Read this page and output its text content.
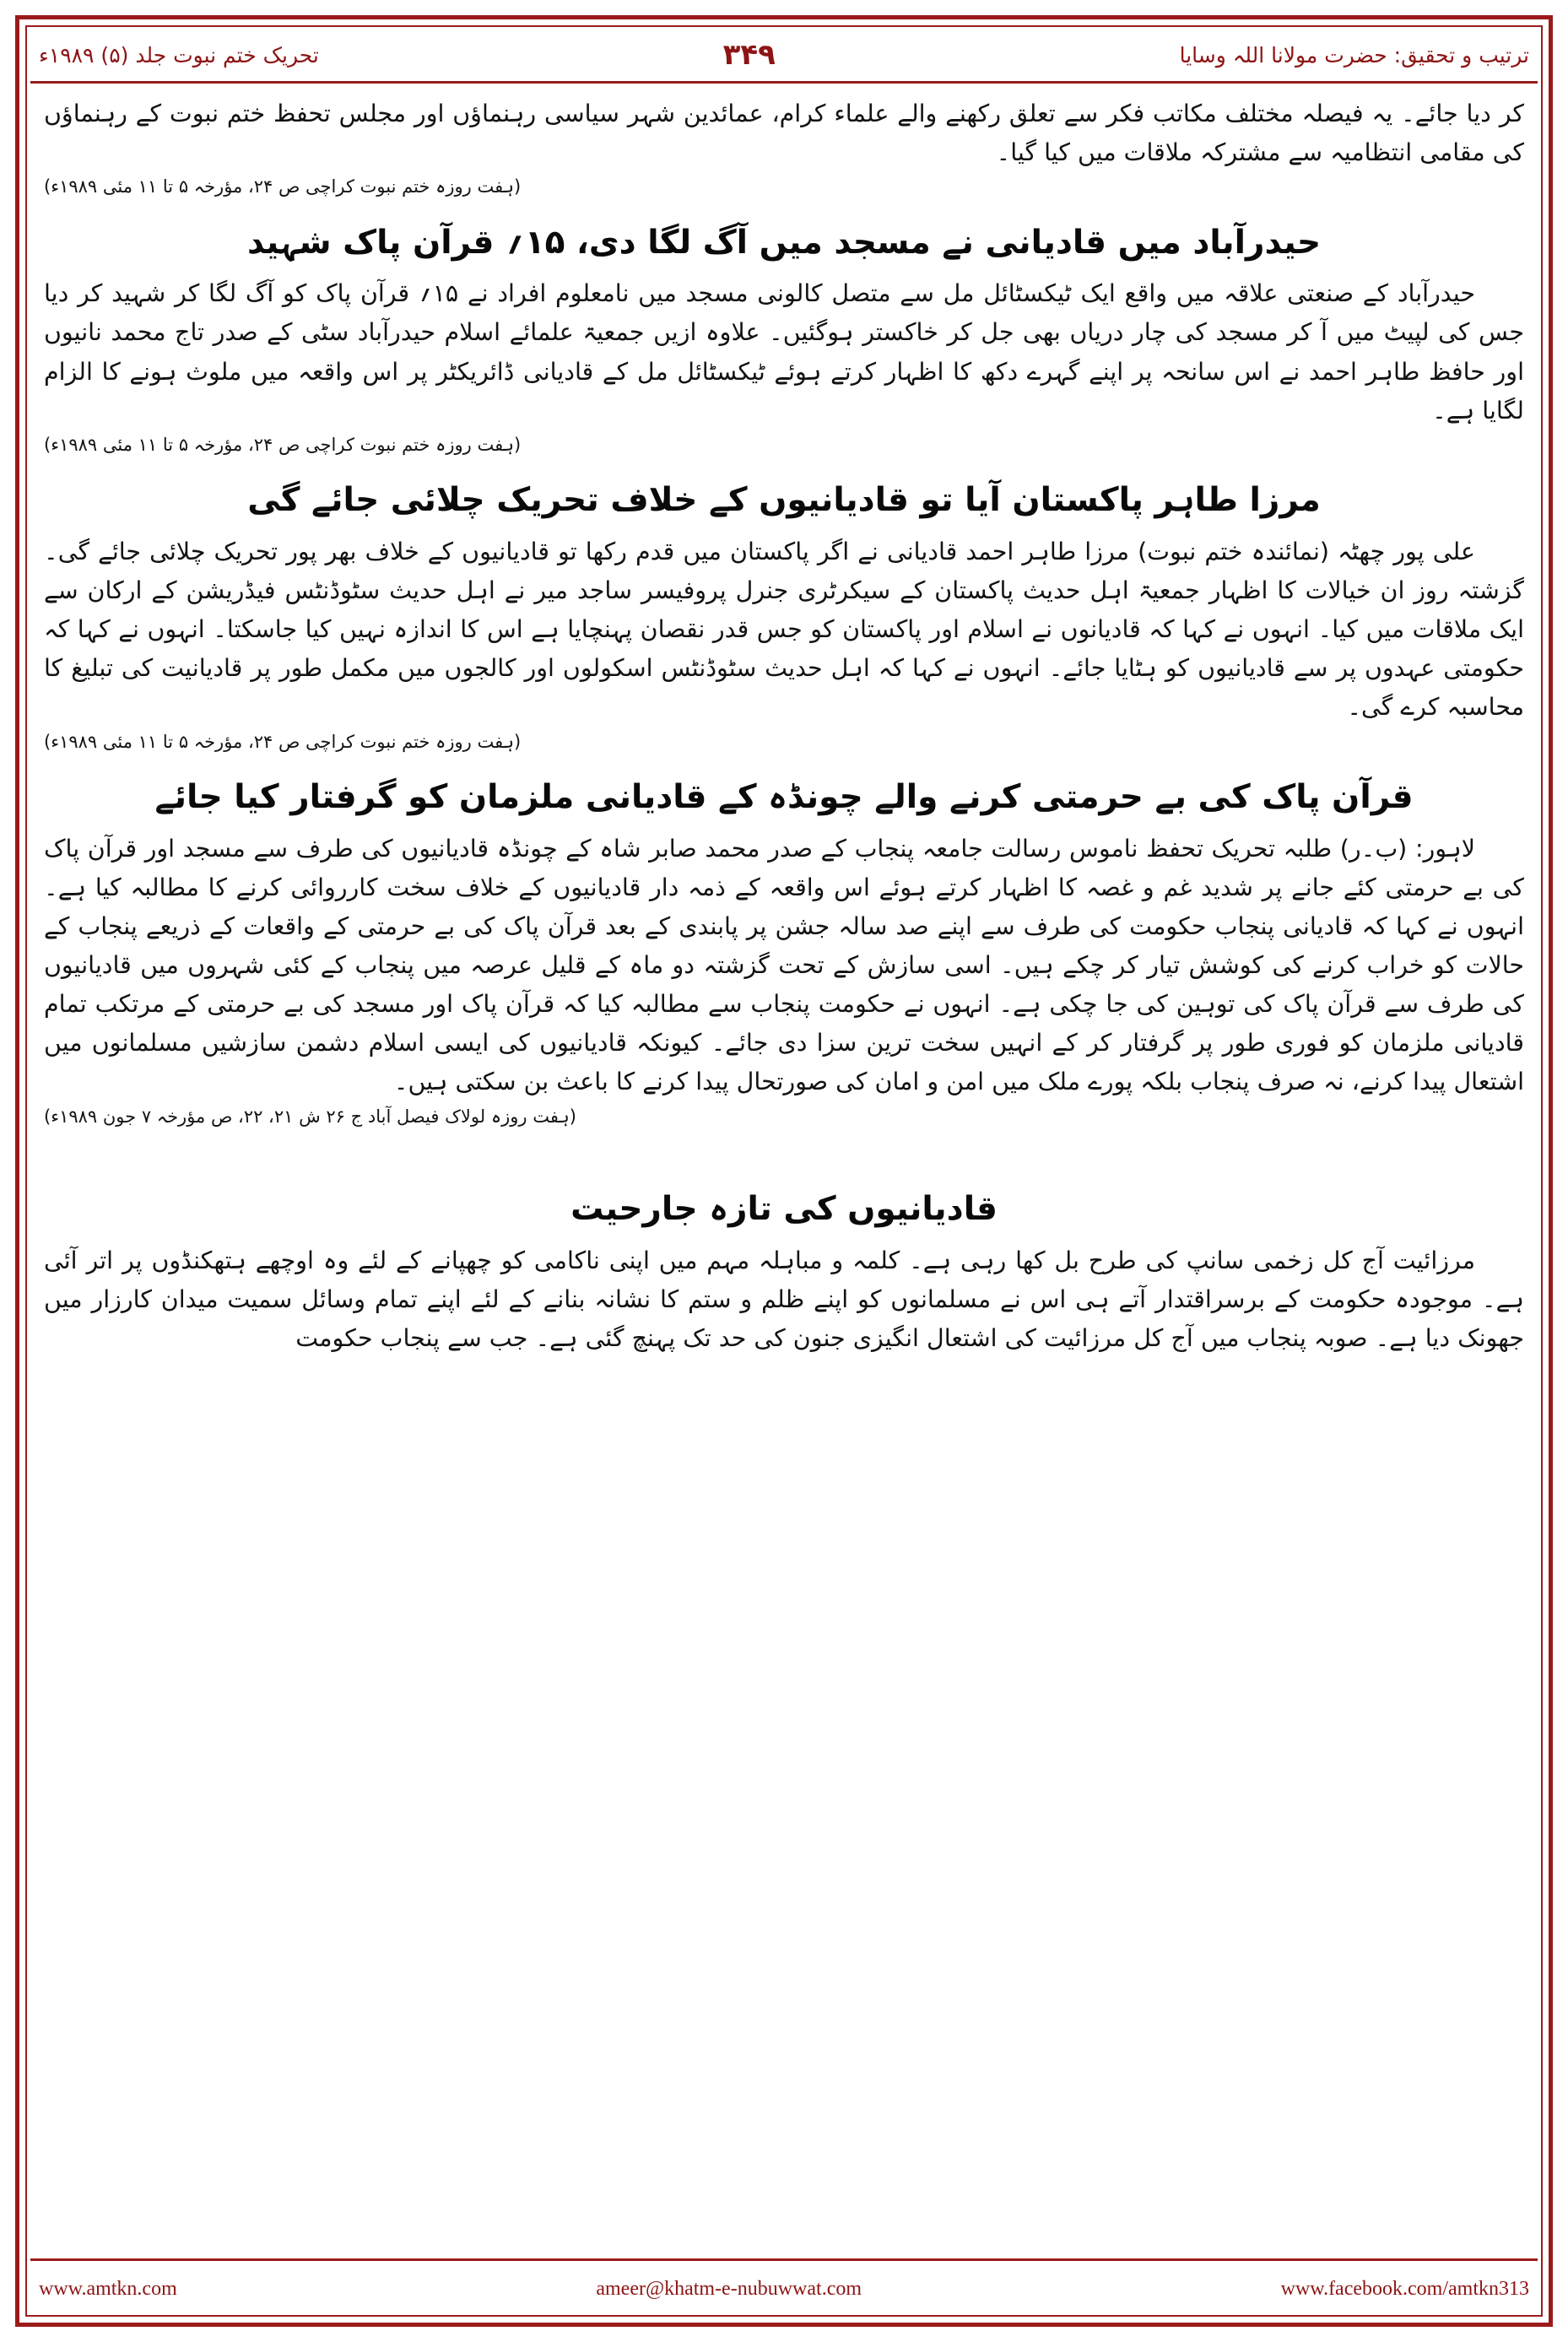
ترتیب و تحقیق: حضرت مولانا اللہ وسایا
۳۴۹
تحریک ختم نبوت جلد (۵) ۱۹۸۹ء

کر دیا جائے۔ یہ فیصلہ مختلف مکاتب فکر سے تعلق رکھنے والے علماء کرام، عمائدین شہر سیاسی رہنماؤں اور مجلس تحفظ ختم نبوت کے رہنماؤں کی مقامی انتظامیہ سے مشترکہ ملاقات میں کیا گیا۔

(ہفت روزہ ختم نبوت کراچی ص ۲۴، مؤرخہ ۵ تا ۱۱ مئی ۱۹۸۹ء)

حیدرآباد میں قادیانی نے مسجد میں آگ لگا دی، ۱۵؍ قرآن پاک شہید

حیدرآباد کے صنعتی علاقہ میں واقع ایک ٹیکسٹائل مل سے متصل کالونی مسجد میں نامعلوم افراد نے ۱۵؍ قرآن پاک کو آگ لگا کر شہید کر دیا جس کی لپیٹ میں آ کر مسجد کی چار دریاں بھی جل کر خاکستر ہوگئیں۔ علاوہ ازیں جمعیۃ علمائے اسلام حیدرآباد سٹی کے صدر تاج محمد نانیوں اور حافظ طاہر احمد نے اس سانحہ پر اپنے گہرے دکھ کا اظہار کرتے ہوئے ٹیکسٹائل مل کے قادیانی ڈائریکٹر پر اس واقعہ میں ملوث ہونے کا الزام لگایا ہے۔

(ہفت روزہ ختم نبوت کراچی ص ۲۴، مؤرخہ ۵ تا ۱۱ مئی ۱۹۸۹ء)

مرزا طاہر پاکستان آیا تو قادیانیوں کے خلاف تحریک چلائی جائے گی

علی پور چھٹہ (نمائندہ ختم نبوت) مرزا طاہر احمد قادیانی نے اگر پاکستان میں قدم رکھا تو قادیانیوں کے خلاف بھر پور تحریک چلائی جائے گی۔ گزشتہ روز ان خیالات کا اظہار جمعیۃ اہل حدیث پاکستان کے سیکرٹری جنرل پروفیسر ساجد میر نے اہل حدیث سٹوڈنٹس فیڈریشن کے ارکان سے ایک ملاقات میں کیا۔ انہوں نے کہا کہ قادیانوں نے اسلام اور پاکستان کو جس قدر نقصان پہنچایا ہے اس کا اندازہ نہیں کیا جاسکتا۔ انہوں نے کہا کہ حکومتی عہدوں پر سے قادیانیوں کو ہٹایا جائے۔ انہوں نے کہا کہ اہل حدیث سٹوڈنٹس اسکولوں اور کالجوں میں مکمل طور پر قادیانیت کی تبلیغ کا محاسبہ کرے گی۔

(ہفت روزہ ختم نبوت کراچی ص ۲۴، مؤرخہ ۵ تا ۱۱ مئی ۱۹۸۹ء)

قرآن پاک کی بے حرمتی کرنے والے چونڈہ کے قادیانی ملزمان کو گرفتار کیا جائے

لاہور: (ب۔ر) طلبہ تحریک تحفظ ناموس رسالت جامعہ پنجاب کے صدر محمد صابر شاہ کے چونڈہ قادیانیوں کی طرف سے مسجد اور قرآن پاک کی بے حرمتی کئے جانے پر شدید غم و غصہ کا اظہار کرتے ہوئے اس واقعہ کے ذمہ دار قادیانیوں کے خلاف سخت کارروائی کرنے کا مطالبہ کیا ہے۔ انہوں نے کہا کہ قادیانی پنجاب حکومت کی طرف سے اپنے صد سالہ جشن پر پابندی کے بعد قرآن پاک کی بے حرمتی کے واقعات کے ذریعے پنجاب کے حالات کو خراب کرنے کی کوشش تیار کر چکے ہیں۔ اسی سازش کے تحت گزشتہ دو ماہ کے قلیل عرصہ میں پنجاب کے کئی شہروں میں قادیانیوں کی طرف سے قرآن پاک کی توہین کی جا چکی ہے۔ انہوں نے حکومت پنجاب سے مطالبہ کیا کہ قرآن پاک اور مسجد کی بے حرمتی کے مرتکب تمام قادیانی ملزمان کو فوری طور پر گرفتار کر کے انہیں سخت ترین سزا دی جائے۔ کیونکہ قادیانیوں کی ایسی اسلام دشمن سازشیں مسلمانوں میں اشتعال پیدا کرنے، نہ صرف پنجاب بلکہ پورے ملک میں امن و امان کی صورتحال پیدا کرنے کا باعث بن سکتی ہیں۔

(ہفت روزہ لولاک فیصل آباد ج ۲۶ ش ۲۱، ۲۲، ص مؤرخہ ۷ جون ۱۹۸۹ء)

قادیانیوں کی تازہ جارحیت

مرزائیت آج کل زخمی سانپ کی طرح بل کھا رہی ہے۔ کلمہ و مباہلہ مہم میں اپنی ناکامی کو چھپانے کے لئے وہ اوچھے ہتھکنڈوں پر اتر آئی ہے۔ موجودہ حکومت کے برسراقتدار آتے ہی اس نے مسلمانوں کو اپنے ظلم و ستم کا نشانہ بنانے کے لئے اپنے تمام وسائل سمیت میدان کارزار میں جھونک دیا ہے۔ صوبہ پنجاب میں آج کل مرزائیت کی اشتعال انگیزی جنون کی حد تک پہنچ گئی ہے۔ جب سے پنجاب حکومت

www.amtkn.com	ameer@khatm-e-nubuwwat.com	www.facebook.com/amtkn313
